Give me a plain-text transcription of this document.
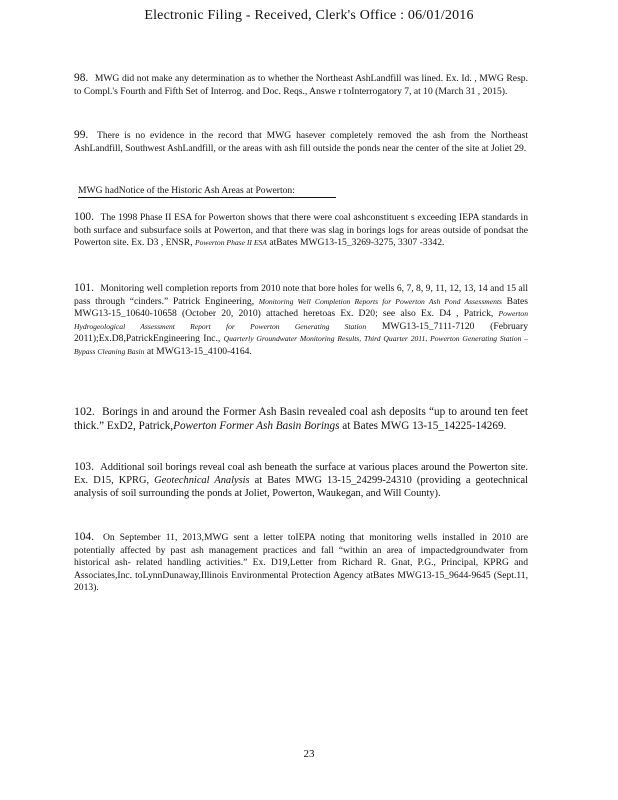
Electronic Filing - Received, Clerk's Office : 06/01/2016
98. MWG did not make any determination as to whether the Northeast AshLandfill was lined. Ex. Id. , MWG Resp. to Compl.'s Fourth and Fifth Set of Interrog. and Doc. Reqs., Answe r toInterrogatory 7, at 10 (March 31 , 2015).
99. There is no evidence in the record that MWG hasever completely removed the ash from the Northeast AshLandfill, Southwest AshLandfill, or the areas with ash fill outside the ponds near the center of the site at Joliet 29.
MWG hadNotice of the Historic Ash Areas at Powerton:
100. The 1998 Phase II ESA for Powerton shows that there were coal ashconstituent s exceeding IEPA standards in both surface and subsurface soils at Powerton, and that there was slag in borings logs for areas outside of pondsat the Powerton site. Ex. D3 , ENSR, Powerton Phase II ESA atBates MWG13-15_3269-3275, 3307 -3342.
101. Monitoring well completion reports from 2010 note that bore holes for wells 6, 7, 8, 9, 11, 12, 13, 14 and 15 all pass through “cinders.” Patrick Engineering, Monitoring Well Completion Reports for Powerton Ash Pond Assessments Bates MWG13-15_10640-10658 (October 20, 2010) attached heretoas Ex. D20; see also Ex. D4 , Patrick, Powerton Hydrogeological Assessment Report for Powerton Generating Station MWG13-15_7111-7120 (February 2011);Ex.D8,PatrickEngineering Inc., Quarterly Groundwater Monitoring Results, Third Quarter 2011, Powerton Generating Station –Bypass Cleaning Basin at MWG13-15_4100-4164.
102. Borings in and around the Former Ash Basin revealed coal ash deposits “up to around ten feet thick.” ExD2, Patrick,Powerton Former Ash Basin Borings at Bates MWG 13-15_14225-14269.
103. Additional soil borings reveal coal ash beneath the surface at various places around the Powerton site. Ex. D15, KPRG, Geotechnical Analysis at Bates MWG 13-15_24299-24310 (providing a geotechnical analysis of soil surrounding the ponds at Joliet, Powerton, Waukegan, and Will County).
104. On September 11, 2013,MWG sent a letter toIEPA noting that monitoring wells installed in 2010 are potentially affected by past ash management practices and fall “within an area of impactedgroundwater from historical ash- related handling activities.” Ex. D19,Letter from Richard R. Gnat, P.G., Principal, KPRG and Associates,Inc. toLynnDunaway,Illinois Environmental Protection Agency atBates MWG13-15_9644-9645 (Sept.11, 2013).
23
